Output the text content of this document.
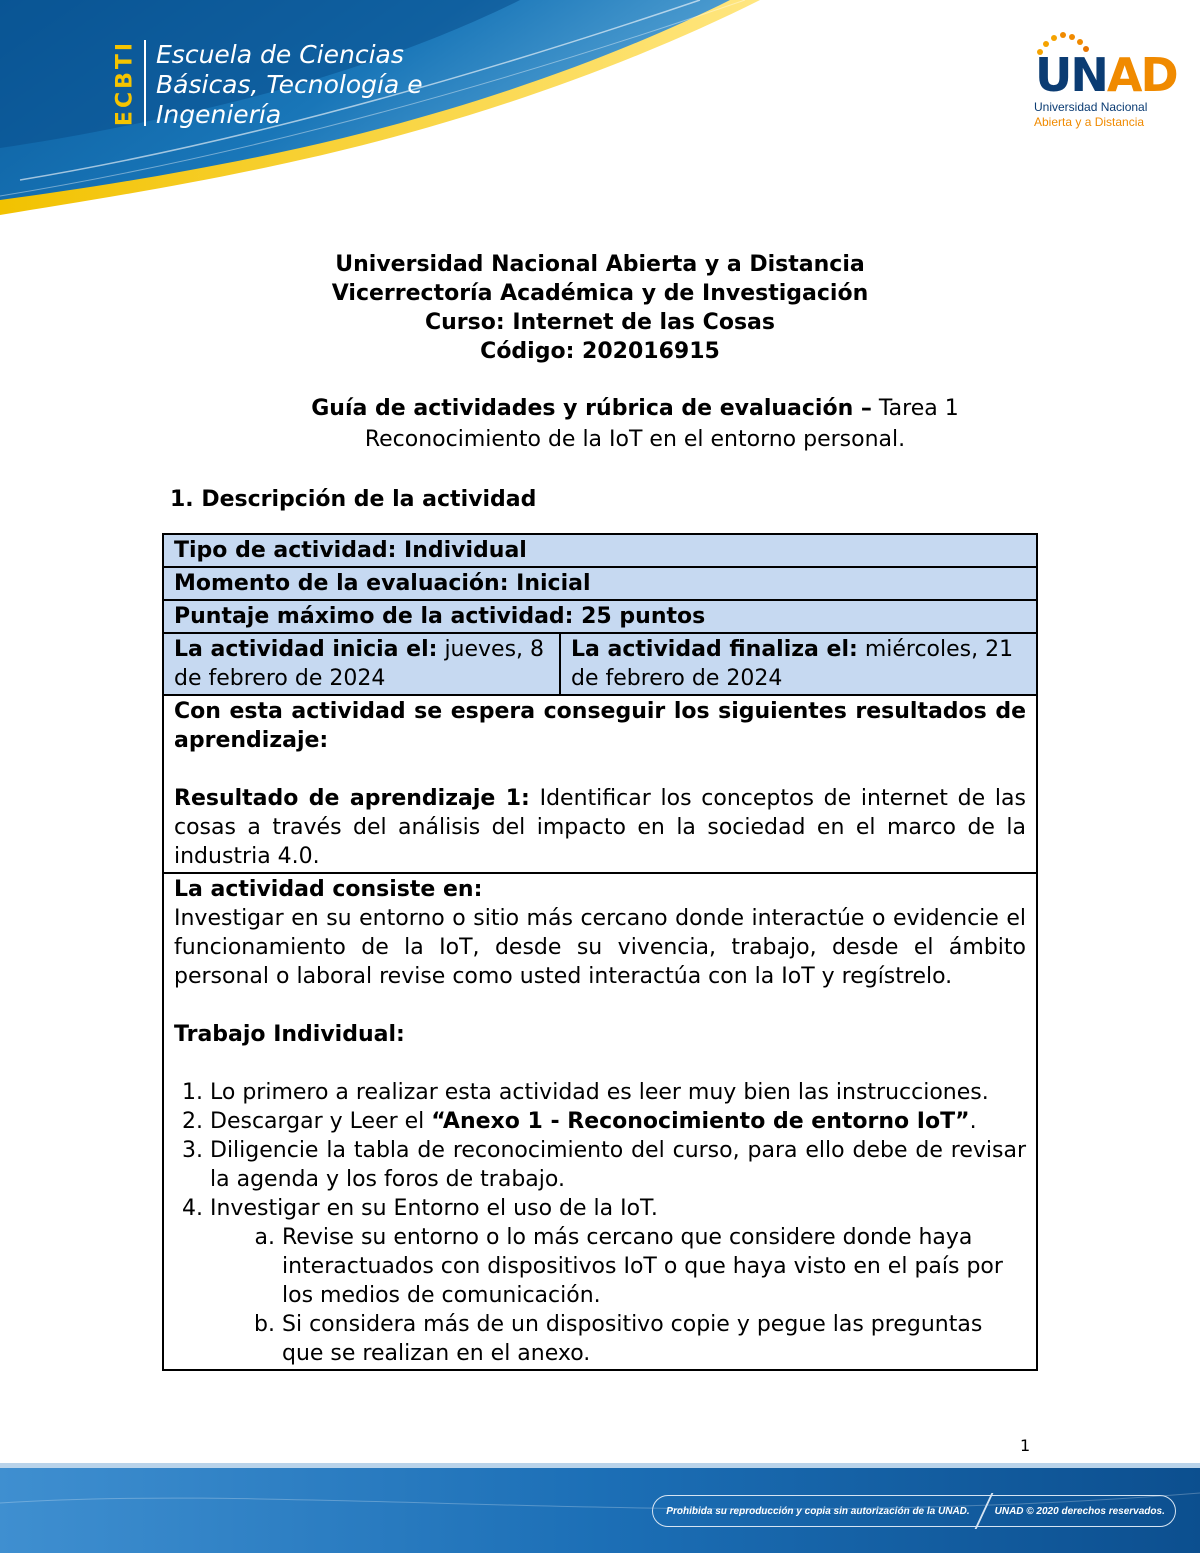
ECBTI Escuela de Ciencias
Básicas, Tecnología e
Ingeniería
UNAD
Universidad Nacional
Abierta y a Distancia
Universidad Nacional Abierta y a Distancia
Vicerrectoría Académica y de Investigación
Curso: Internet de las Cosas
Código: 202016915
Guía de actividades y rúbrica de evaluación – Tarea 1
Reconocimiento de la IoT en el entorno personal.
1. Descripción de la actividad
Tipo de actividad: Individual
Momento de la evaluación: Inicial
Puntaje máximo de la actividad: 25 puntos
La actividad inicia el: jueves, 8 de febrero de 2024	La actividad finaliza el: miércoles, 21 de febrero de 2024

Con esta actividad se espera conseguir los siguientes resultados de aprendizaje:
Resultado de aprendizaje 1: Identificar los conceptos de internet de las cosas a través del análisis del impacto en la sociedad en el marco de la industria 4.0.

La actividad consiste en:
Investigar en su entorno o sitio más cercano donde interactúe o evidencie el funcionamiento de la IoT, desde su vivencia, trabajo, desde el ámbito personal o laboral revise como usted interactúa con la IoT y regístrelo.
Trabajo Individual:
1. Lo primero a realizar esta actividad es leer muy bien las instrucciones.
2. Descargar y Leer el “Anexo 1 - Reconocimiento de entorno IoT”.
3. Diligencie la tabla de reconocimiento del curso, para ello debe de revisar la agenda y los foros de trabajo.
4. Investigar en su Entorno el uso de la IoT.
a. Revise su entorno o lo más cercano que considere donde haya interactuados con dispositivos IoT o que haya visto en el país por los medios de comunicación.
b. Si considera más de un dispositivo copie y pegue las preguntas que se realizan en el anexo.
1
Prohibida su reproducción y copia sin autorización de la UNAD.	UNAD © 2020 derechos reservados.
